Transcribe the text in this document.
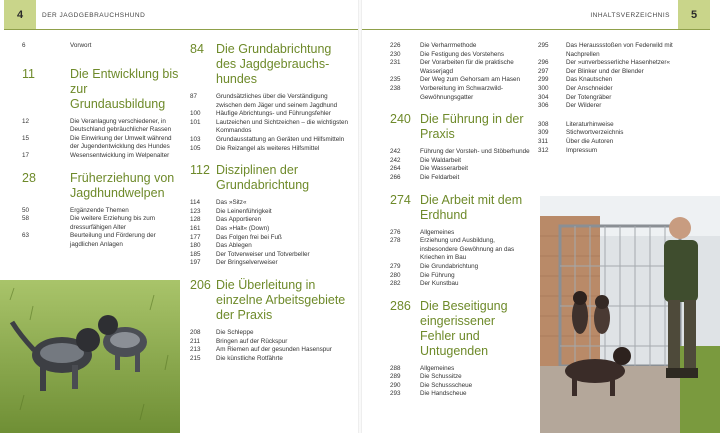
4	DER JAGDGEBRAUCHSHUND	INHALTSVERZEICHNIS	5
6	Vorwort
11	Die Entwicklung bis zur Grundausbildung
12	Die Veranlagung verschiedener, in Deutschland gebräuchlicher Rassen
15	Die Einwirkung der Umwelt während der Jugendentwicklung des Hundes
17	Wesensentwicklung im Welpenalter
28	Früherziehung von Jagdhundwelpen
50	Ergänzende Themen
58	Die weitere Erziehung bis zum dressurfähigen Alter
63	Beurteilung und Förderung der jagdlichen Anlagen
84 Die Grundabrichtung des Jagdgebrauchshundes
87	Grundsätzliches über die Verständigung zwischen dem Jäger und seinem Jagdhund
100	Häufige Abrichtungs- und Führungsfehler
101	Lautzeichen und Sichtzeichen – die wichtigsten Kommandos
103	Grundausstattung an Geräten und Hilfsmitteln
105	Die Reizangel als weiteres Hilfsmittel
112 Disziplinen der Grundabrichtung
114	Das »Sitz«
123	Die Leinenführigkeit
128	Das Apportieren
161	Das »Halt« (Down)
177	Das Folgen frei bei Fuß
180	Das Ablegen
185	Der Totverweiser und Totverbeller
197	Der Bringselverweiser
206 Die Überleitung in einzelne Arbeitsgebiete der Praxis
208	Die Schleppe
211	Bringen auf der Rückspur
213	Am Riemen auf der gesunden Hasenspur
215	Die künstliche Rotfährte
226	Die Verharrmethode
230	Die Festigung des Vorstehens
231	Der Vorarbeiten für die praktische Wasserjagd
235	Der Weg zum Gehorsam am Hasen
238	Vorbereitung im Schwarzwild-Gewöhnungsgatter
240 Die Führung in der Praxis
242	Führung der Vorsteh- und Stöberhunde
242	Die Waldarbeit
264	Die Wasserarbeit
266	Die Feldarbeit
274 Die Arbeit mit dem Erdhund
276	Allgemeines
278	Erziehung und Ausbildung, insbesondere Gewöhnung an das Kriechen im Bau
279	Die Grundabrichtung
280	Die Führung
282	Der Kunstbau
286 Die Beseitigung eingerissener Fehler und Untugenden
288	Allgemeines
289	Die Schussitze
290	Die Schussscheue
293	Die Handscheue
295	Das Heraussstoßen von Federwild mit Nachprellen
296	Der »unverbesserliche Hasenhetzer«
297	Der Blinker und der Blender
299	Das Knautschen
300	Der Anschneider
304	Der Totengräber
306	Der Wilderer
308	Literaturhinweise
309	Stichwortverzeichnis
311	Über die Autoren
312	Impressum
